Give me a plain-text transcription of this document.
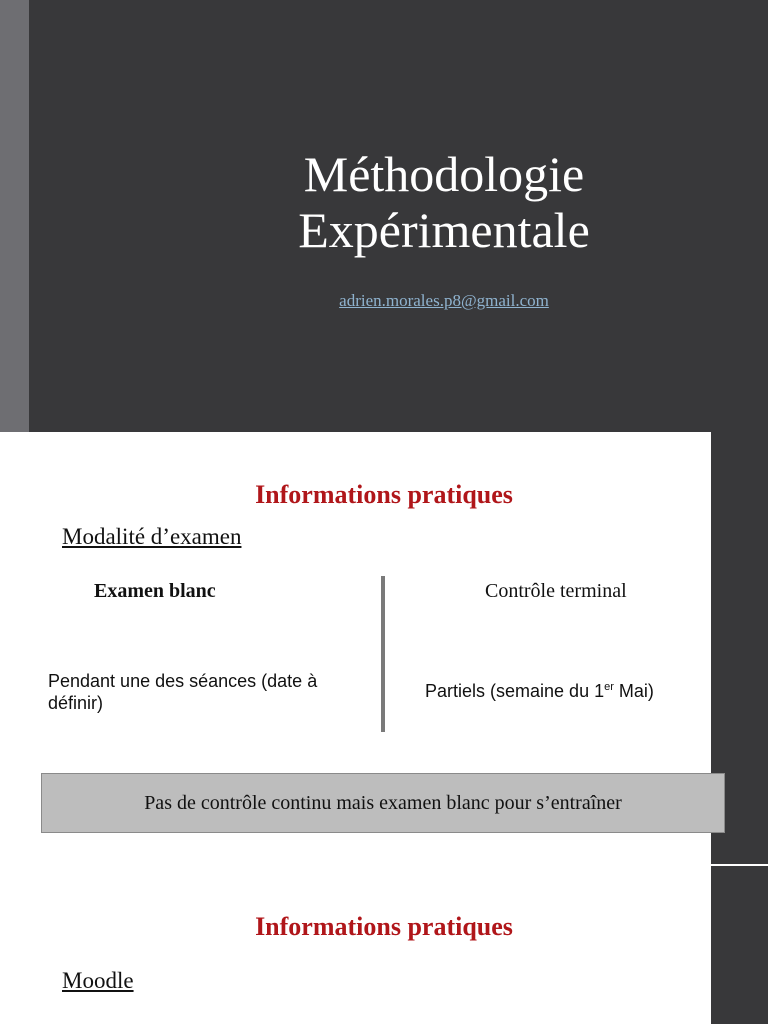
Méthodologie
Expérimentale
adrien.morales.p8@gmail.com
Informations pratiques

Modalité d’examen

Examen blanc
Pendant une des séances (date à définir)
Contrôle terminal
Partiels (semaine du 1er Mai)
Pas de contrôle continu mais examen blanc pour s’entraîner
Informations pratiques

Moodle
